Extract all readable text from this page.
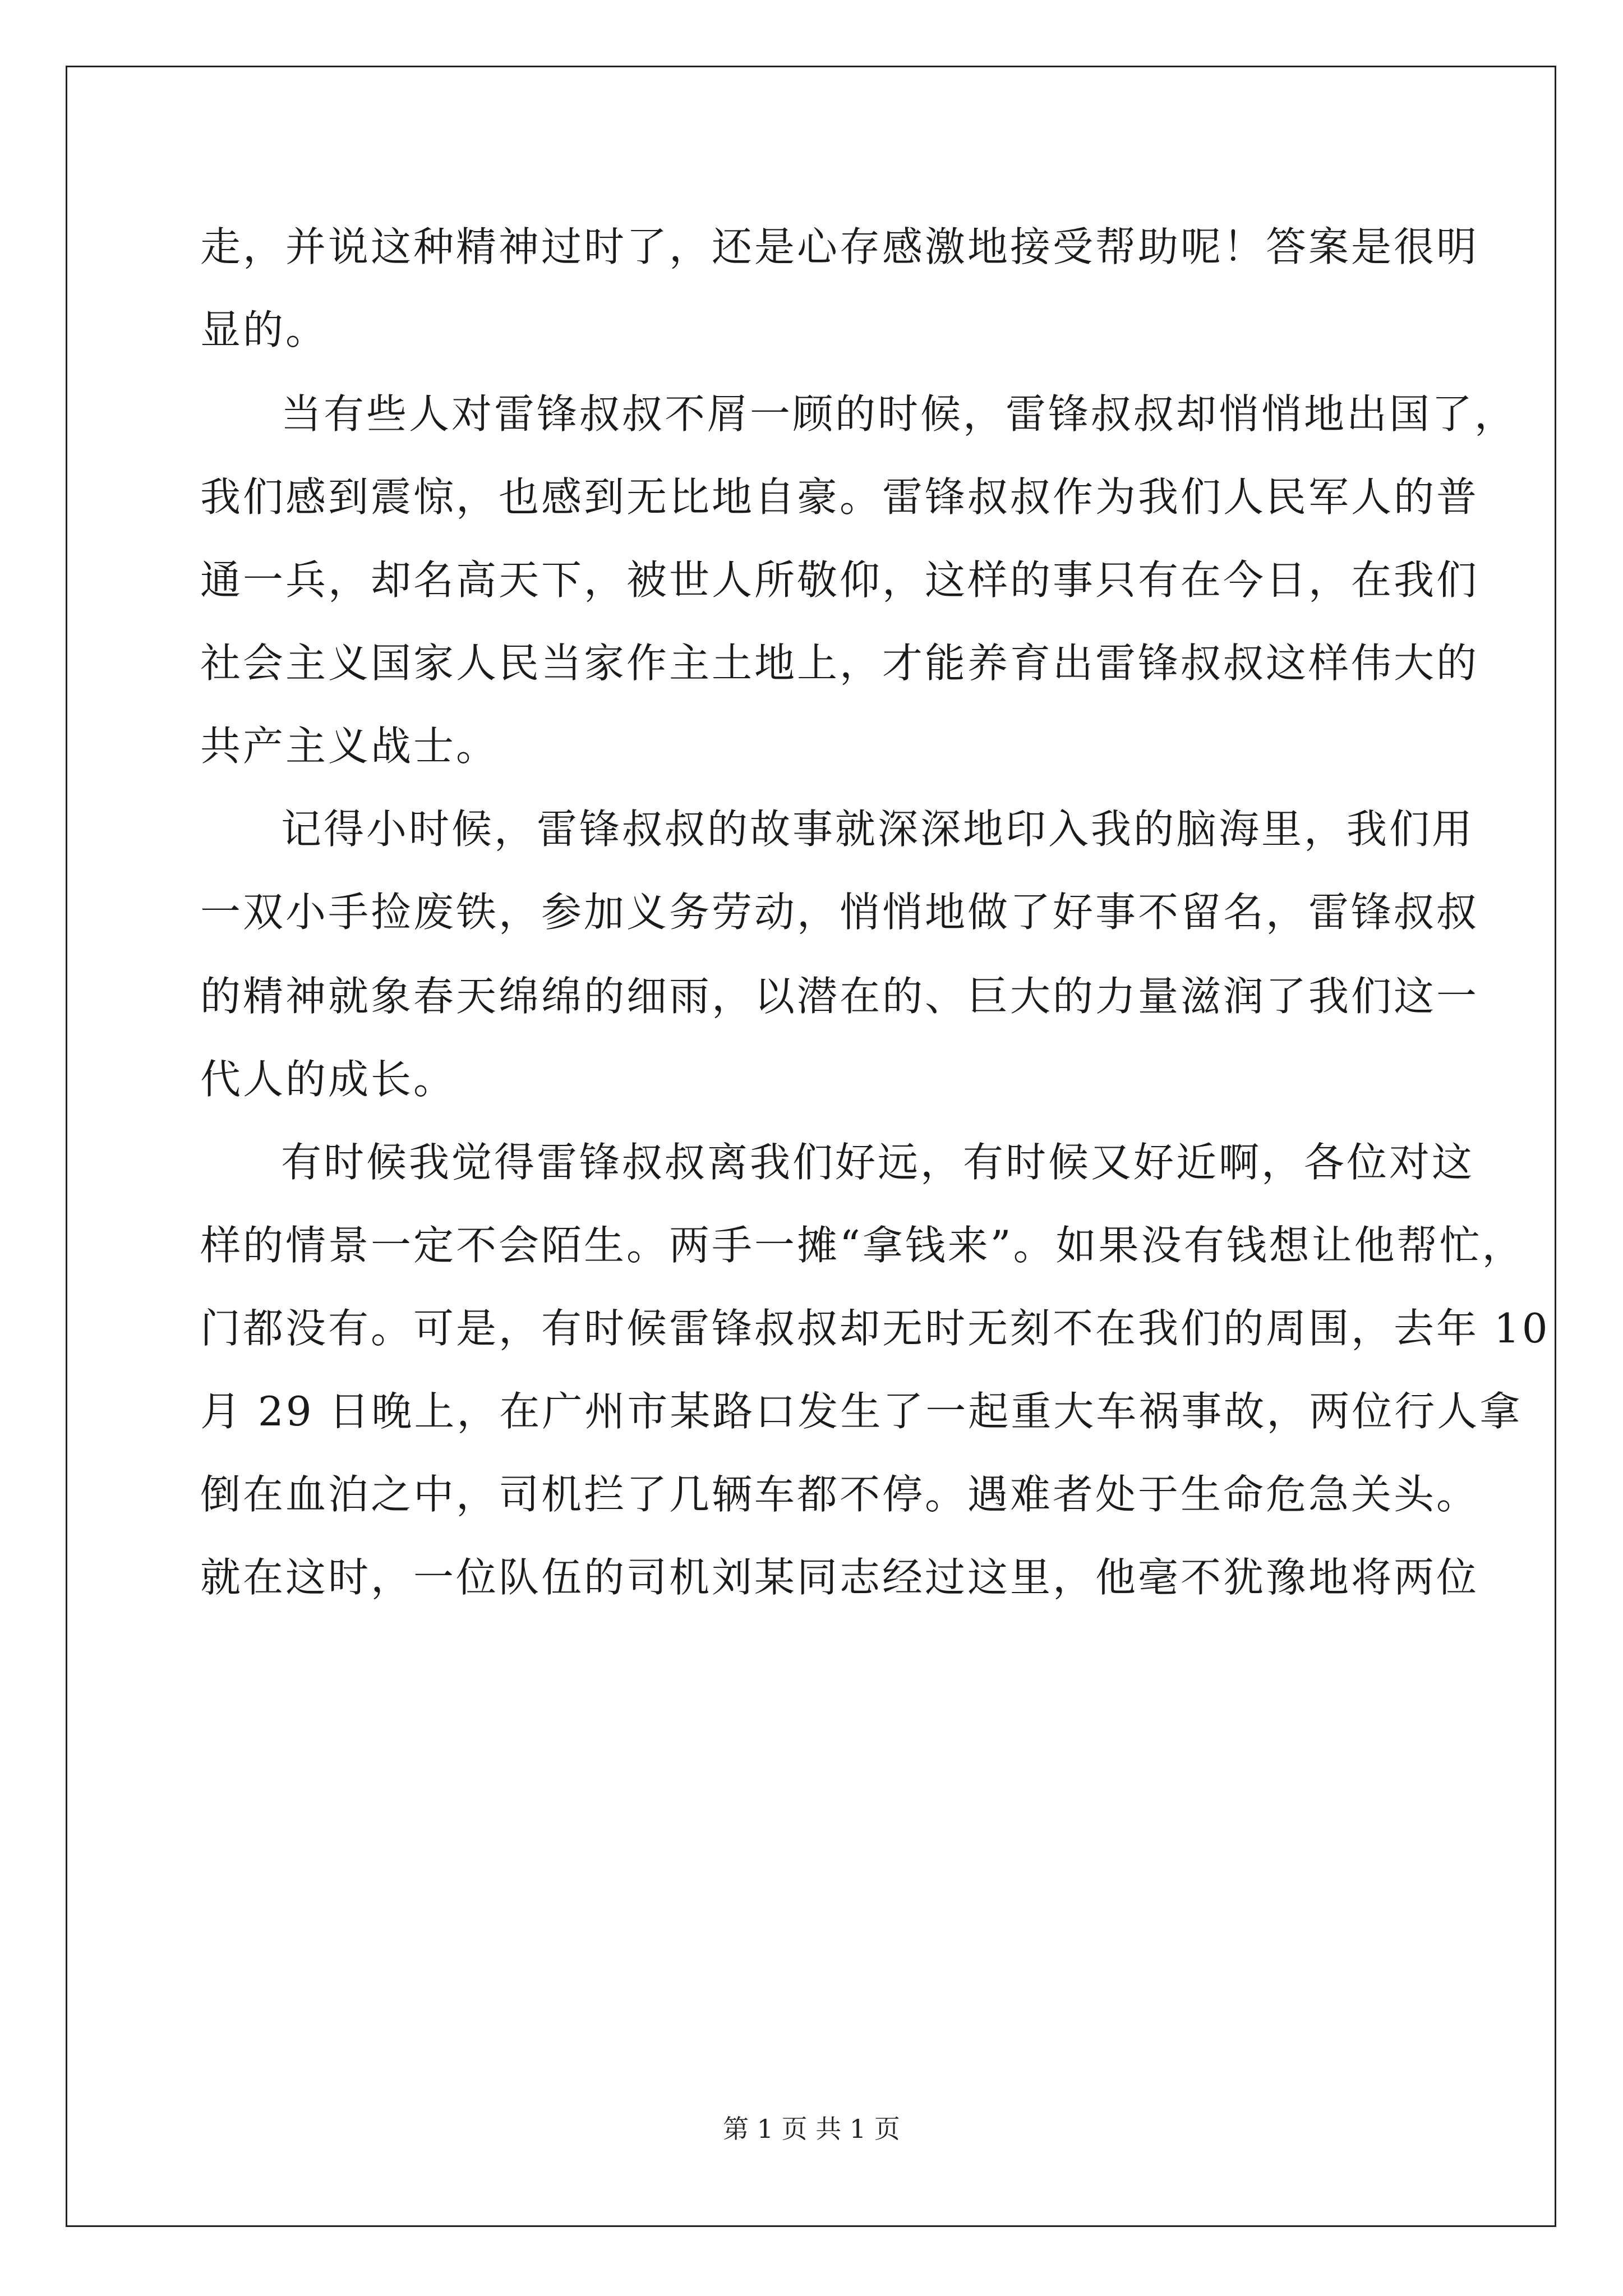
走，并说这种精神过时了，还是心存感激地接受帮助呢！答案是很明
显的。
当有些人对雷锋叔叔不屑一顾的时候，雷锋叔叔却悄悄地出国了，
我们感到震惊，也感到无比地自豪。雷锋叔叔作为我们人民军人的普
通一兵，却名高天下，被世人所敬仰，这样的事只有在今日，在我们
社会主义国家人民当家作主土地上，才能养育出雷锋叔叔这样伟大的
共产主义战士。
记得小时候，雷锋叔叔的故事就深深地印入我的脑海里，我们用
一双小手捡废铁，参加义务劳动，悄悄地做了好事不留名，雷锋叔叔
的精神就象春天绵绵的细雨，以潜在的、巨大的力量滋润了我们这一
代人的成长。
有时候我觉得雷锋叔叔离我们好远，有时候又好近啊，各位对这
样的情景一定不会陌生。两手一摊“拿钱来”。如果没有钱想让他帮忙，
门都没有。可是，有时候雷锋叔叔却无时无刻不在我们的周围，去年 10
月 29 日晚上，在广州市某路口发生了一起重大车祸事故，两位行人拿
倒在血泊之中，司机拦了几辆车都不停。遇难者处于生命危急关头。
就在这时，一位队伍的司机刘某同志经过这里，他毫不犹豫地将两位
第 1 页 共 1 页
